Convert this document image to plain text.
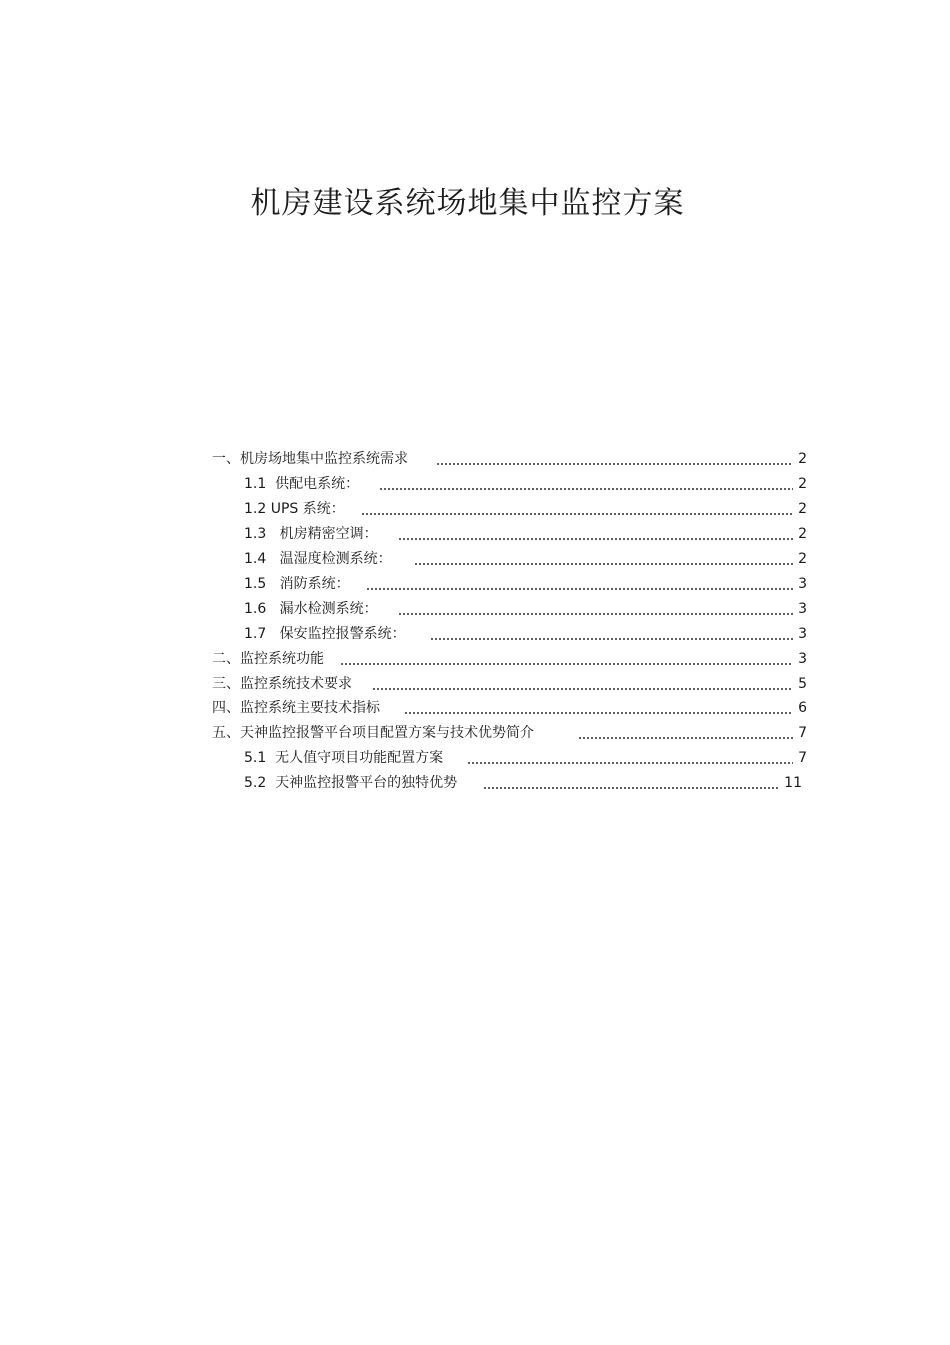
机房建设系统场地集中监控方案
一、 机房场地集中监控系统需求	2
1.1 供配电系统：	2
1.2 UPS 系统：	2
1.3 机房精密空调：	2
1.4 温湿度检测系统：	2
1.5 消防系统：	3
1.6 漏水检测系统：	3
1.7 保安监控报警系统：	3
二、 监控系统功能	3
三、 监控系统技术要求	5
四、 监控系统主要技术指标	6
五、 天神监控报警平台项目配置方案与技术优势简介	7
5.1 无人值守项目功能配置方案	7
5.2 天神监控报警平台的独特优势	11
